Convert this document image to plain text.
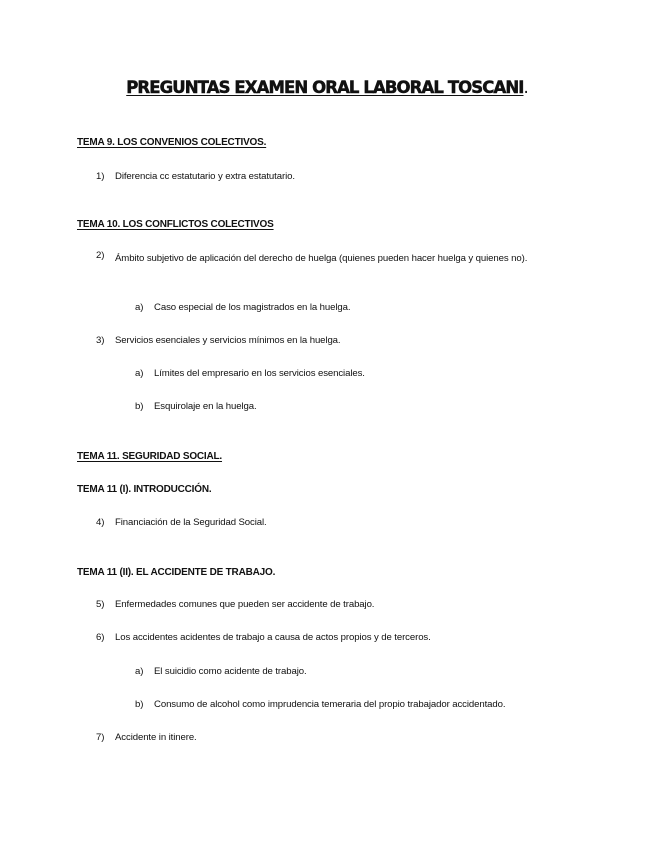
PREGUNTAS EXAMEN ORAL LABORAL TOSCANI.
TEMA 9. LOS CONVENIOS COLECTIVOS.
1) Diferencia cc estatutario y extra estatutario.
TEMA 10. LOS CONFLICTOS COLECTIVOS
2) Ámbito subjetivo de aplicación del derecho de huelga (quienes pueden hacer huelga y quienes no).
a) Caso especial de los magistrados en la huelga.
3) Servicios esenciales y servicios mínimos en la huelga.
a) Límites del empresario en los servicios esenciales.
b) Esquirolaje en la huelga.
TEMA 11. SEGURIDAD SOCIAL.
TEMA 11 (I). INTRODUCCIÓN.
4) Financiación de la Seguridad Social.
TEMA 11 (II). EL ACCIDENTE DE TRABAJO.
5) Enfermedades comunes que pueden ser accidente de trabajo.
6) Los accidentes acidentes de trabajo a causa de actos propios y de terceros.
a) El suicidio como acidente de trabajo.
b) Consumo de alcohol como imprudencia temeraria del propio trabajador accidentado.
7) Accidente in itinere.
